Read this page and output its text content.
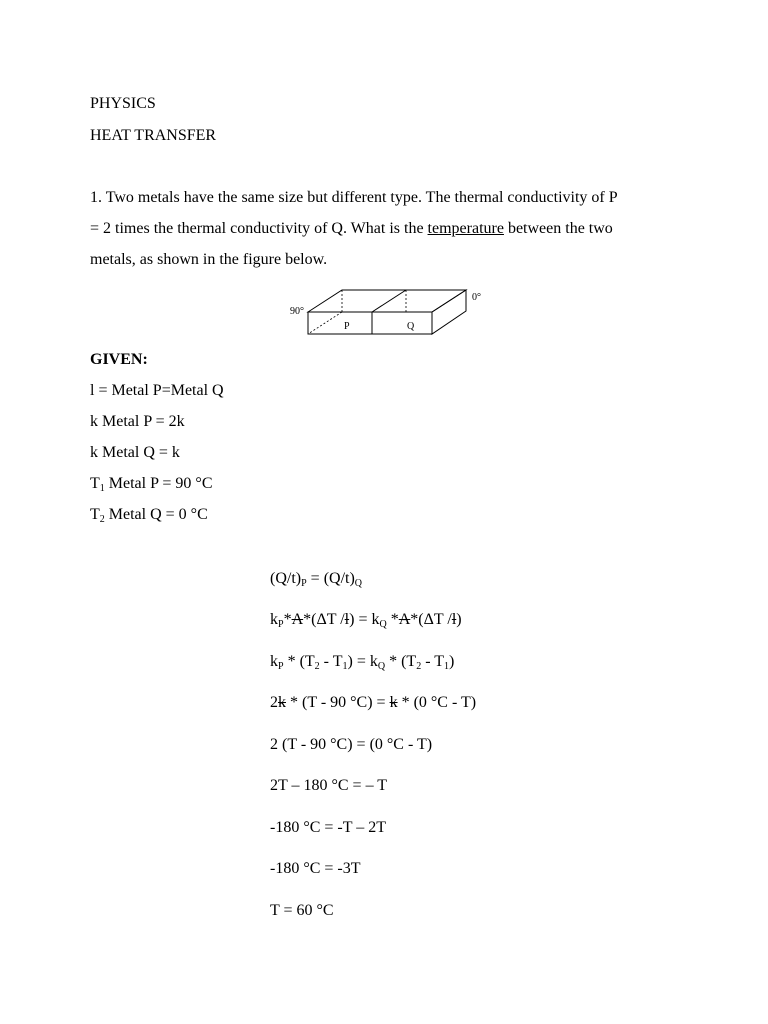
PHYSICS
HEAT TRANSFER
1. Two metals have the same size but different type. The thermal conductivity of P
= 2 times the thermal conductivity of Q. What is the temperature between the two
metals, as shown in the figure below.
90°
0°
P	Q
GIVEN:
l = Metal P=Metal Q
k Metal P = 2k
k Metal Q = k
$T_1$ Metal P = 90 °C
$T_2$ Metal Q = 0 °C
$(Q/t)_P = (Q/t)_Q$
$k_P*A*(\Delta T$ $/l) = k_Q$ *A*(ΔT /l)
$k_P * (T_2 - T_1) = k_Q * (T_2 - T_1)$
2k * (T - 90 °C) = k * (0 °C - T)
2 (T - 90 °C) = (0 °C - T)
2T – 180 °C = – T
-180 °C = -T – 2T
-180 °C = -3T
T = 60 °C
